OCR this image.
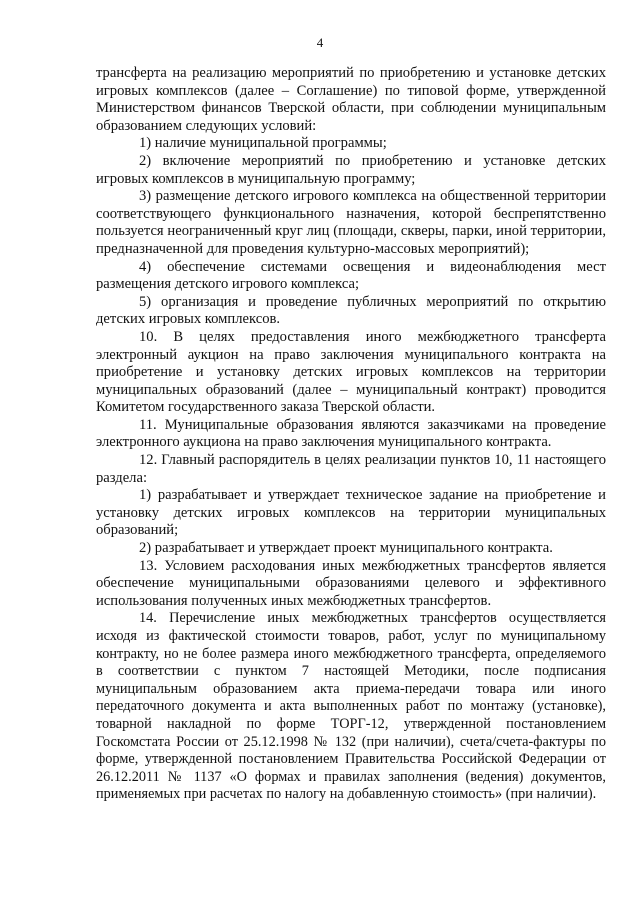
4

трансферта на реализацию мероприятий по приобретению и установке детских игровых комплексов (далее – Соглашение) по типовой форме, утвержденной Министерством финансов Тверской области, при соблюдении муниципальным образованием следующих условий:

1) наличие муниципальной программы;

2) включение мероприятий по приобретению и установке детских игровых комплексов в муниципальную программу;

3) размещение детского игрового комплекса на общественной территории соответствующего функционального назначения, которой беспрепятственно пользуется неограниченный круг лиц (площади, скверы, парки, иной территории, предназначенной для проведения культурно-массовых мероприятий);

4) обеспечение системами освещения и видеонаблюдения мест размещения детского игрового комплекса;

5) организация и проведение публичных мероприятий по открытию детских игровых комплексов.

10. В целях предоставления иного межбюджетного трансферта электронный аукцион на право заключения муниципального контракта на приобретение и установку детских игровых комплексов на территории муниципальных образований (далее – муниципальный контракт) проводится Комитетом государственного заказа Тверской области.

11. Муниципальные образования являются заказчиками на проведение электронного аукциона на право заключения муниципального контракта.

12. Главный распорядитель в целях реализации пунктов 10, 11 настоящего раздела:

1) разрабатывает и утверждает техническое задание на приобретение и установку детских игровых комплексов на территории муниципальных образований;

2) разрабатывает и утверждает проект муниципального контракта.

13. Условием расходования иных межбюджетных трансфертов является обеспечение муниципальными образованиями целевого и эффективного использования полученных иных межбюджетных трансфертов.

14. Перечисление иных межбюджетных трансфертов осуществляется исходя из фактической стоимости товаров, работ, услуг по муниципальному контракту, но не более размера иного межбюджетного трансферта, определяемого в соответствии с пунктом 7 настоящей Методики, после подписания муниципальным образованием акта приема-передачи товара или иного передаточного документа и акта выполненных работ по монтажу (установке), товарной накладной по форме ТОРГ-12, утвержденной постановлением Госкомстата России от 25.12.1998 № 132 (при наличии), счета/счета-фактуры по форме, утвержденной постановлением Правительства Российской Федерации от 26.12.2011 № 1137 «О формах и правилах заполнения (ведения) документов, применяемых при расчетах по налогу на добавленную стоимость» (при наличии).
